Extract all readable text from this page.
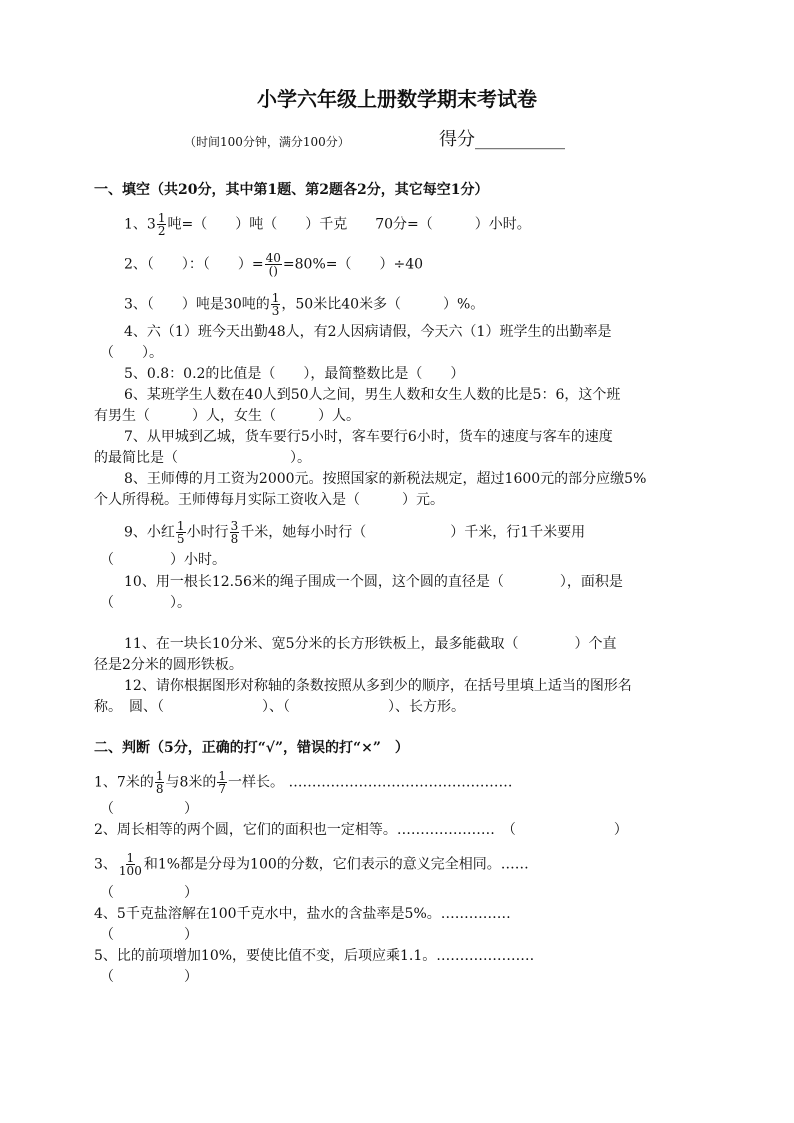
小学六年级上册数学期末考试卷
（时间100分钟，满分100分）	得分__________
一、填空（共20分，其中第1题、第2题各2分，其它每空1分）
1、$3 \frac{1}{2}$ 吨=（　　）吨（　　）千克　　70分=（　　　）小时。
2、（　　）：（　　）= $\frac{40}{()} =80\%=$（　　）÷40
3、（　　）吨是30吨的 $\frac{1}{3}$ ，50米比40米多（　　　）%。
4、六（1）班今天出勤48人，有2人因病请假，今天六（1）班学生的出勤率是
（　　）。
5、0.8：0.2的比值是（　　），最简整数比是（　　）
6、某班学生人数在40人到50人之间，男生人数和女生人数的比是5：6，这个班
有男生（　　　）人，女生（　　　）人。
7、从甲城到乙城，货车要行5小时，客车要行6小时，货车的速度与客车的速度
的最简比是（　　　　　　　　）。
8、王师傅的月工资为2000元。按照国家的新税法规定，超过1600元的部分应缴5%
个人所得税。王师傅每月实际工资收入是（　　　）元。
9、小红 $\frac{1}{5}$ 小时行 $\frac{3}{8}$ 千米，她每小时行（　　　　　　）千米，行1千米要用
（　　　　）小时。
10、用一根长12.56米的绳子围成一个圆，这个圆的直径是（　　　　），面积是
（　　　　）。
11、在一块长10分米、宽5分米的长方形铁板上，最多能截取（　　　　）个直
径是2分米的圆形铁板。
12、请你根据图形对称轴的条数按照从多到少的顺序，在括号里填上适当的图形名
称。　圆、（　　　　　　　）、（　　　　　　　）、长方形。
二、判断（5分，正确的打“√”，错误的打“×”　）
1、7米的 $\frac{1}{8}$ 与8米的 $\frac{1}{7}$ 一样长。 …………………………………………
（　　　　　）
2、周长相等的两个圆，它们的面积也一定相等。…………………　（　　　　　　　）
3、 $\frac{1}{100}$ 和1%都是分母为100的分数，它们表示的意义完全相同。……
（　　　　　）
4、5千克盐溶解在100千克水中，盐水的含盐率是5%。……………
（　　　　　）
5、比的前项增加10%，要使比值不变，后项应乘1.1。…………………
（　　　　　）
